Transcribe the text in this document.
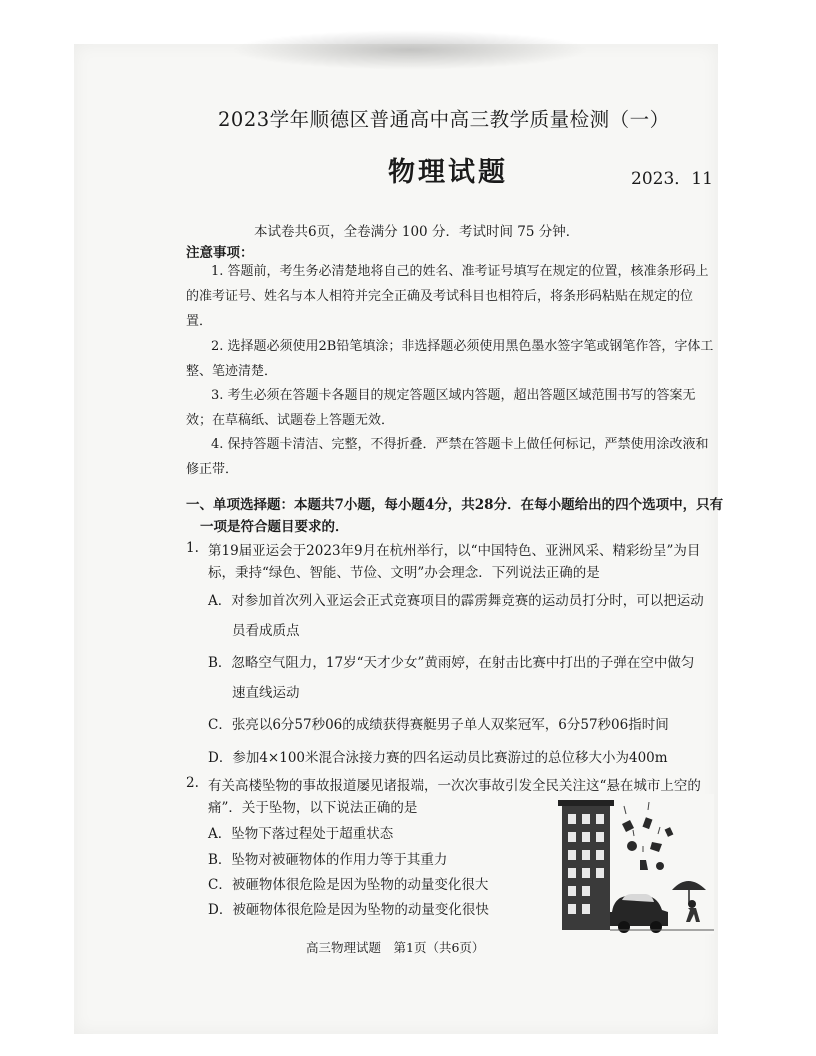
2023学年顺德区普通高中高三教学质量检测（一）
物理试题	2023．11
本试卷共6页，全卷满分 100 分．考试时间 75 分钟．
注意事项：
1. 答题前，考生务必清楚地将自己的姓名、准考证号填写在规定的位置，核准条形码上的准考证号、姓名与本人相符并完全正确及考试科目也相符后，将条形码粘贴在规定的位置．
2. 选择题必须使用2B铅笔填涂；非选择题必须使用黑色墨水签字笔或钢笔作答，字体工整、笔迹清楚．
3. 考生必须在答题卡各题目的规定答题区域内答题，超出答题区域范围书写的答案无效；在草稿纸、试题卷上答题无效．
4. 保持答题卡清洁、完整，不得折叠．严禁在答题卡上做任何标记，严禁使用涂改液和修正带．
一、单项选择题：本题共7小题，每小题4分，共28分．在每小题给出的四个选项中，只有一项是符合题目要求的．
1. 第19届亚运会于2023年9月在杭州举行，以“中国特色、亚洲风采、精彩纷呈”为目标，秉持“绿色、智能、节俭、文明”办会理念．下列说法正确的是
A．对参加首次列入亚运会正式竞赛项目的霹雳舞竞赛的运动员打分时，可以把运动
员看成质点
B．忽略空气阻力，17岁“天才少女”黄雨婷，在射击比赛中打出的子弹在空中做匀
速直线运动
C．张亮以6分57秒06的成绩获得赛艇男子单人双桨冠军，6分57秒06指时间
D．参加4×100米混合泳接力赛的四名运动员比赛游过的总位移大小为400m
2. 有关高楼坠物的事故报道屡见诸报端，一次次事故引发全民关注这“悬在城市上空的痛”．关于坠物，以下说法正确的是
A．坠物下落过程处于超重状态
B．坠物对被砸物体的作用力等于其重力
C．被砸物体很危险是因为坠物的动量变化很大
D．被砸物体很危险是因为坠物的动量变化很快
高三物理试题　第1页（共6页）
